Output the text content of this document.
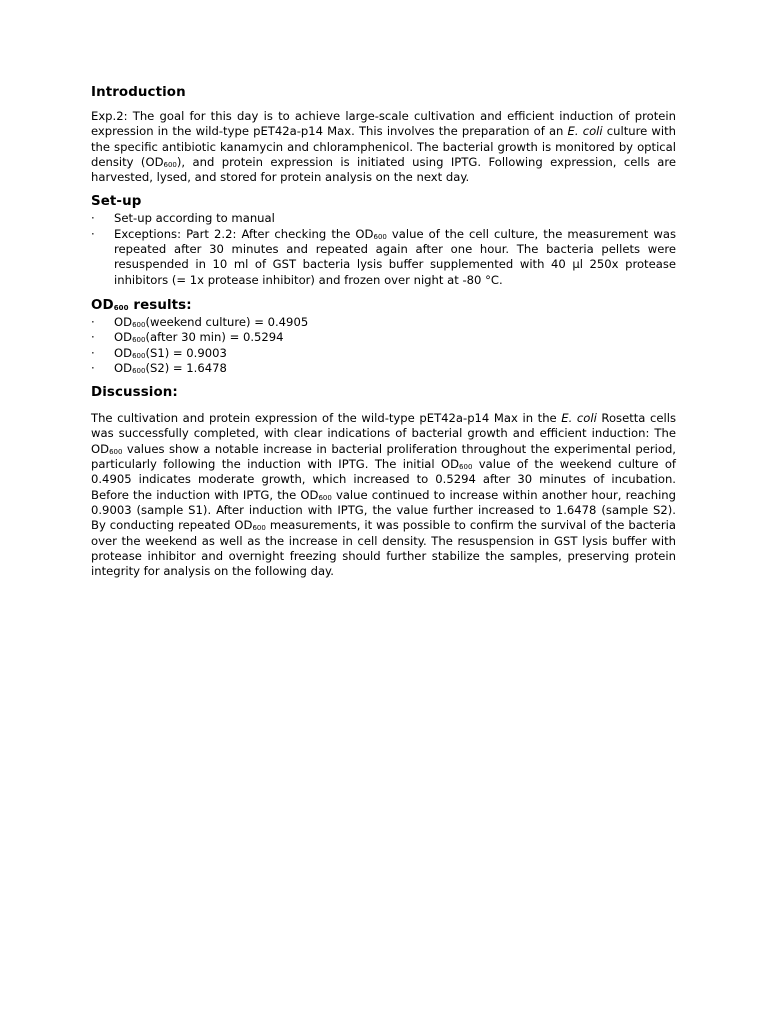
Introduction

Exp.2: The goal for this day is to achieve large-scale cultivation and efficient induction of protein expression in the wild-type pET42a-p14 Max. This involves the preparation of an E. coli culture with the specific antibiotic kanamycin and chloramphenicol. The bacterial growth is monitored by optical density (OD600), and protein expression is initiated using IPTG. Following expression, cells are harvested, lysed, and stored for protein analysis on the next day.

Set-up
·	Set-up according to manual
·	Exceptions: Part 2.2: After checking the OD600 value of the cell culture, the measurement was repeated after 30 minutes and repeated again after one hour. The bacteria pellets were resuspended in 10 ml of GST bacteria lysis buffer supplemented with 40 µl 250x protease inhibitors (= 1x protease inhibitor) and frozen over night at -80 °C.
OD600 results:
·	OD600(weekend culture) = 0.4905
·	OD600(after 30 min) = 0.5294
·	OD600(S1) = 0.9003
·	OD600(S2) = 1.6478
Discussion:

The cultivation and protein expression of the wild-type pET42a-p14 Max in the E. coli Rosetta cells was successfully completed, with clear indications of bacterial growth and efficient induction: The OD600 values show a notable increase in bacterial proliferation throughout the experimental period, particularly following the induction with IPTG. The initial OD600 value of the weekend culture of 0.4905 indicates moderate growth, which increased to 0.5294 after 30 minutes of incubation. Before the induction with IPTG, the OD600 value continued to increase within another hour, reaching 0.9003 (sample S1). After induction with IPTG, the value further increased to 1.6478 (sample S2). By conducting repeated OD600 measurements, it was possible to confirm the survival of the bacteria over the weekend as well as the increase in cell density. The resuspension in GST lysis buffer with protease inhibitor and overnight freezing should further stabilize the samples, preserving protein integrity for analysis on the following day.
